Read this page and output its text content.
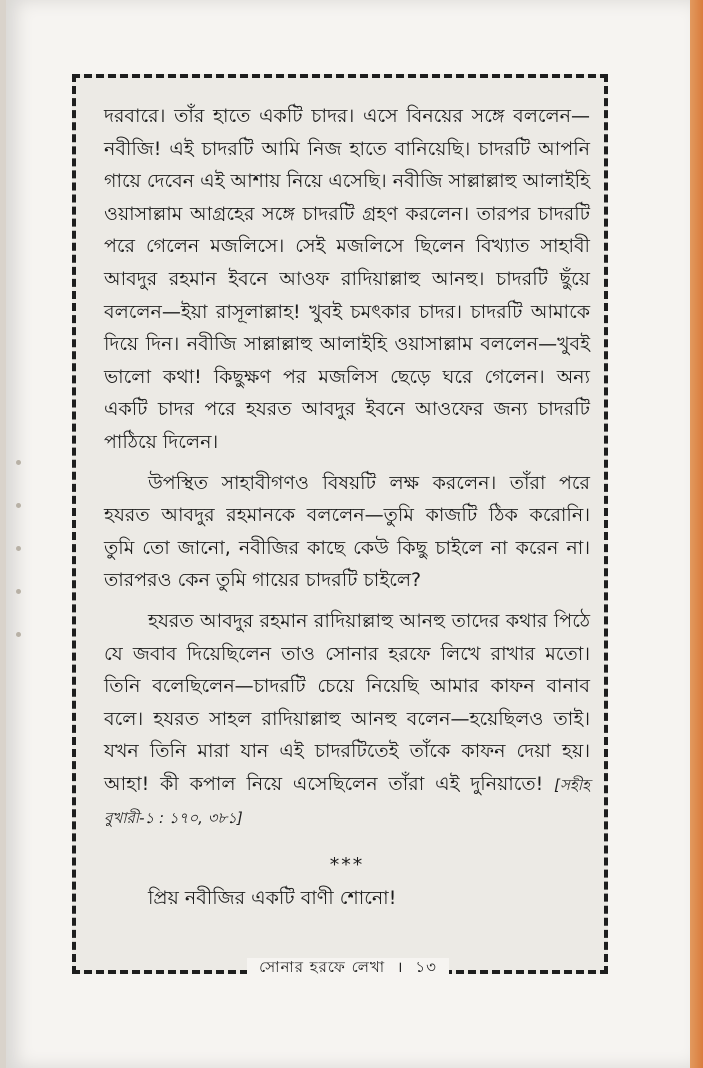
দরবারে। তাঁর হাতে একটি চাদর। এসে বিনয়ের সঙ্গে বললেন—নবীজি! এই চাদরটি আমি নিজ হাতে বানিয়েছি। চাদরটি আপনি গায়ে দেবেন এই আশায় নিয়ে এসেছি। নবীজি সাল্লাল্লাহু আলাইহি ওয়াসাল্লাম আগ্রহের সঙ্গে চাদরটি গ্রহণ করলেন। তারপর চাদরটি পরে গেলেন মজলিসে। সেই মজলিসে ছিলেন বিখ্যাত সাহাবী আবদুর রহমান ইবনে আওফ রাদিয়াল্লাহু আনহু। চাদরটি ছুঁয়ে বললেন—ইয়া রাসূলাল্লাহ! খুবই চমৎকার চাদর। চাদরটি আমাকে দিয়ে দিন। নবীজি সাল্লাল্লাহু আলাইহি ওয়াসাল্লাম বললেন—খুবই ভালো কথা! কিছুক্ষণ পর মজলিস ছেড়ে ঘরে গেলেন। অন্য একটি চাদর পরে হযরত আবদুর ইবনে আওফের জন্য চাদরটি পাঠিয়ে দিলেন।

উপস্থিত সাহাবীগণও বিষয়টি লক্ষ করলেন। তাঁরা পরে হযরত আবদুর রহমানকে বললেন—তুমি কাজটি ঠিক করোনি। তুমি তো জানো, নবীজির কাছে কেউ কিছু চাইলে না করেন না। তারপরও কেন তুমি গায়ের চাদরটি চাইলে?

হযরত আবদুর রহমান রাদিয়াল্লাহু আনহু তাদের কথার পিঠে যে জবাব দিয়েছিলেন তাও সোনার হরফে লিখে রাখার মতো। তিনি বলেছিলেন—চাদরটি চেয়ে নিয়েছি আমার কাফন বানাব বলে। হযরত সাহল রাদিয়াল্লাহু আনহু বলেন—হয়েছিলও তাই। যখন তিনি মারা যান এই চাদরটিতেই তাঁকে কাফন দেয়া হয়। আহা! কী কপাল নিয়ে এসেছিলেন তাঁরা এই দুনিয়াতে! [সহীহ বুখারী-১ : ১৭০, ৩৮১]

***

প্রিয় নবীজির একটি বাণী শোনো!

সোনার হরফে লেখা । ১৩
